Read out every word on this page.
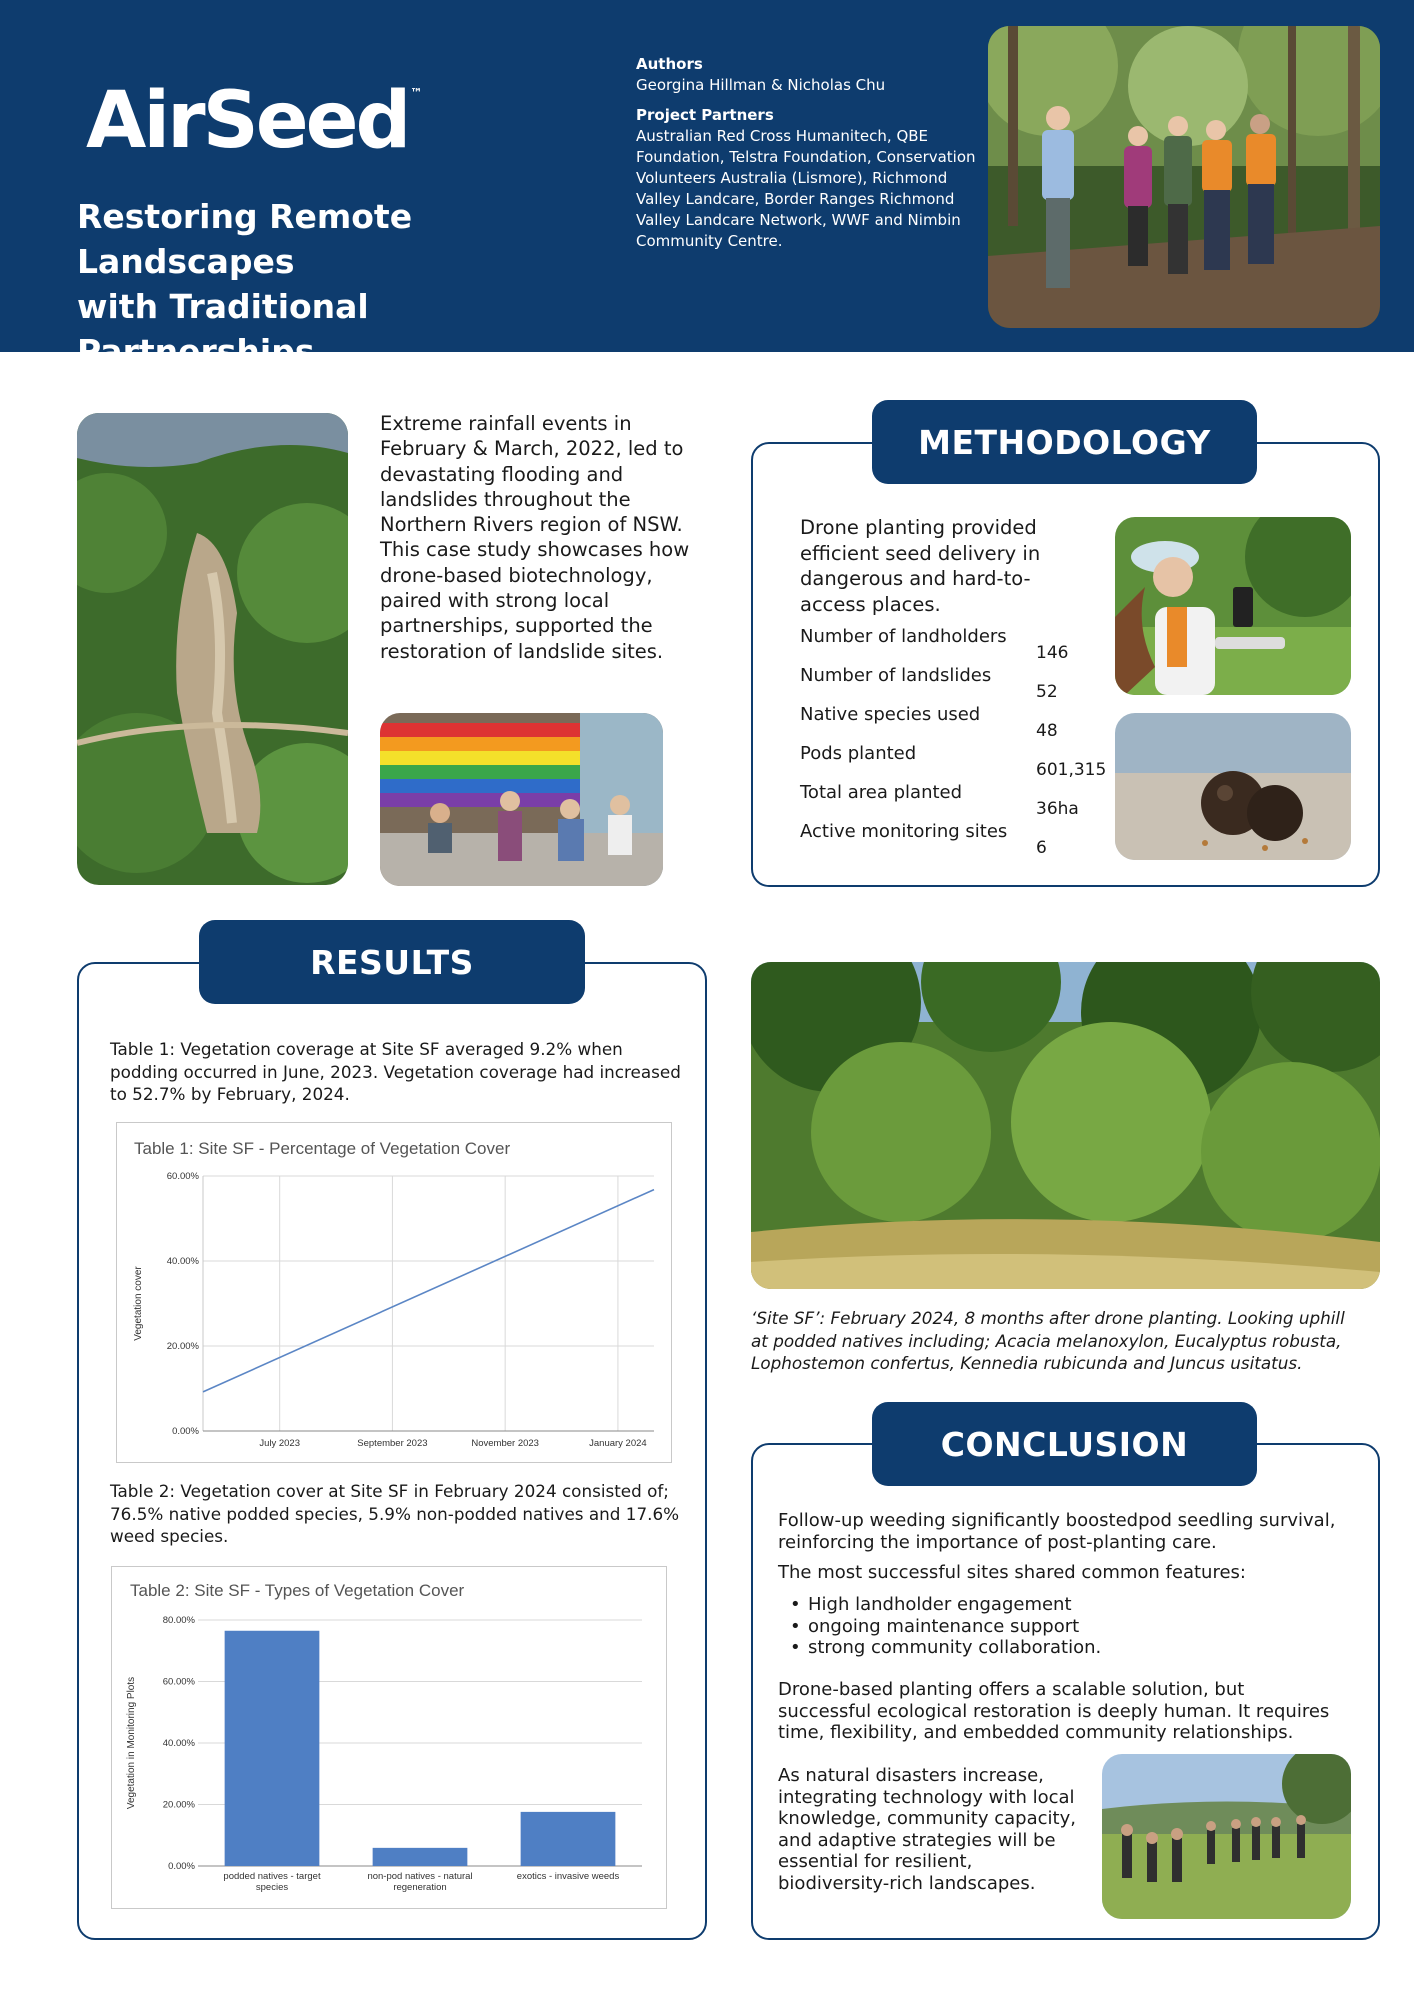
AirSeed ™
Restoring Remote Landscapes
with Traditional Partnerships
Authors
Georgina Hillman & Nicholas Chu
Project Partners
Australian Red Cross Humanitech, QBE Foundation, Telstra Foundation, Conservation Volunteers Australia (Lismore), Richmond Valley Landcare, Border Ranges Richmond Valley Landcare Network, WWF and Nimbin Community Centre.
Extreme rainfall events in February & March, 2022, led to devastating flooding and landslides throughout the Northern Rivers region of NSW. This case study showcases how drone-based biotechnology, paired with strong local partnerships, supported the restoration of landslide sites.
METHODOLOGY
Drone planting provided efficient seed delivery in dangerous and hard-to-access places.
Number of landholders
146
Number of landslides
52
Native species used
48
Pods planted
601,315
Total area planted
36ha
Active monitoring sites
6
RESULTS
Table 1: Vegetation coverage at Site SF averaged 9.2% when podding occurred in June, 2023. Vegetation coverage had increased to 52.7% by February, 2024.
Table 1: Site SF - Percentage of Vegetation Cover
0.00%
20.00%
40.00%
60.00%
July 2023	September 2023	November 2023	January 2024
Vegetation cover
Table 2: Vegetation cover at Site SF in February 2024 consisted of; 76.5% native podded species, 5.9% non-podded natives and 17.6% weed species.
Table 2: Site SF - Types of Vegetation Cover
0.00%
20.00%
40.00%
60.00%
80.00%
Vegetation in Monitoring Plots
podded natives - target
species
non-pod natives - natural
regeneration
exotics - invasive weeds
‘Site SF’: February 2024, 8 months after drone planting. Looking uphill at podded natives including; Acacia melanoxylon, Eucalyptus robusta, Lophostemon confertus, Kennedia rubicunda and Juncus usitatus.
CONCLUSION
Follow-up weeding significantly boostedpod seedling survival, reinforcing the importance of post-planting care.
The most successful sites shared common features:
• High landholder engagement
• ongoing maintenance support
• strong community collaboration.
Drone-based planting offers a scalable solution, but successful ecological restoration is deeply human. It requires time, flexibility, and embedded community relationships.
As natural disasters increase, integrating technology with local knowledge, community capacity, and adaptive strategies will be essential for resilient, biodiversity-rich landscapes.
